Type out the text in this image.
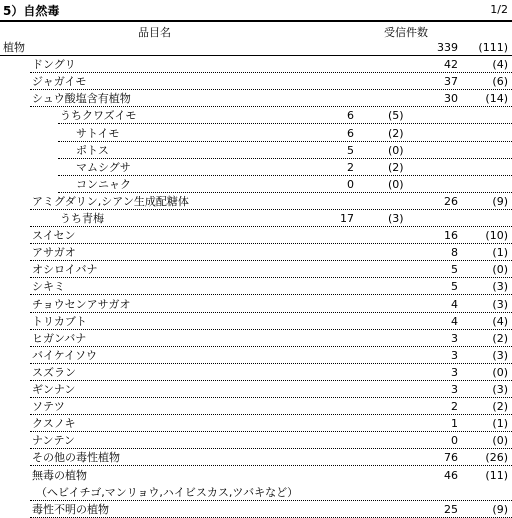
5）自然毒	1/2
品目名	受信件数
植物	339	(111)
ドングリ	42	(4)
ジャガイモ	37	(6)
シュウ酸塩含有植物	30	(14)
うちクワズイモ	6	(5)
サトイモ	6	(2)
ポトス	5	(0)
マムシグサ	2	(2)
コンニャク	0	(0)
アミグダリン,シアン生成配糖体	26	(9)
うち青梅	17	(3)
スイセン	16	(10)
アサガオ	8	(1)
オシロイバナ	5	(0)
シキミ	5	(3)
チョウセンアサガオ	4	(3)
トリカブト	4	(4)
ヒガンバナ	3	(2)
バイケイソウ	3	(3)
スズラン	3	(0)
ギンナン	3	(3)
ソテツ	2	(2)
クスノキ	1	(1)
ナンテン	0	(0)
その他の毒性植物	76	(26)
無毒の植物	46	(11)
（ヘビイチゴ,マンリョウ,ハイビスカス,ツバキなど）
毒性不明の植物	25	(9)
